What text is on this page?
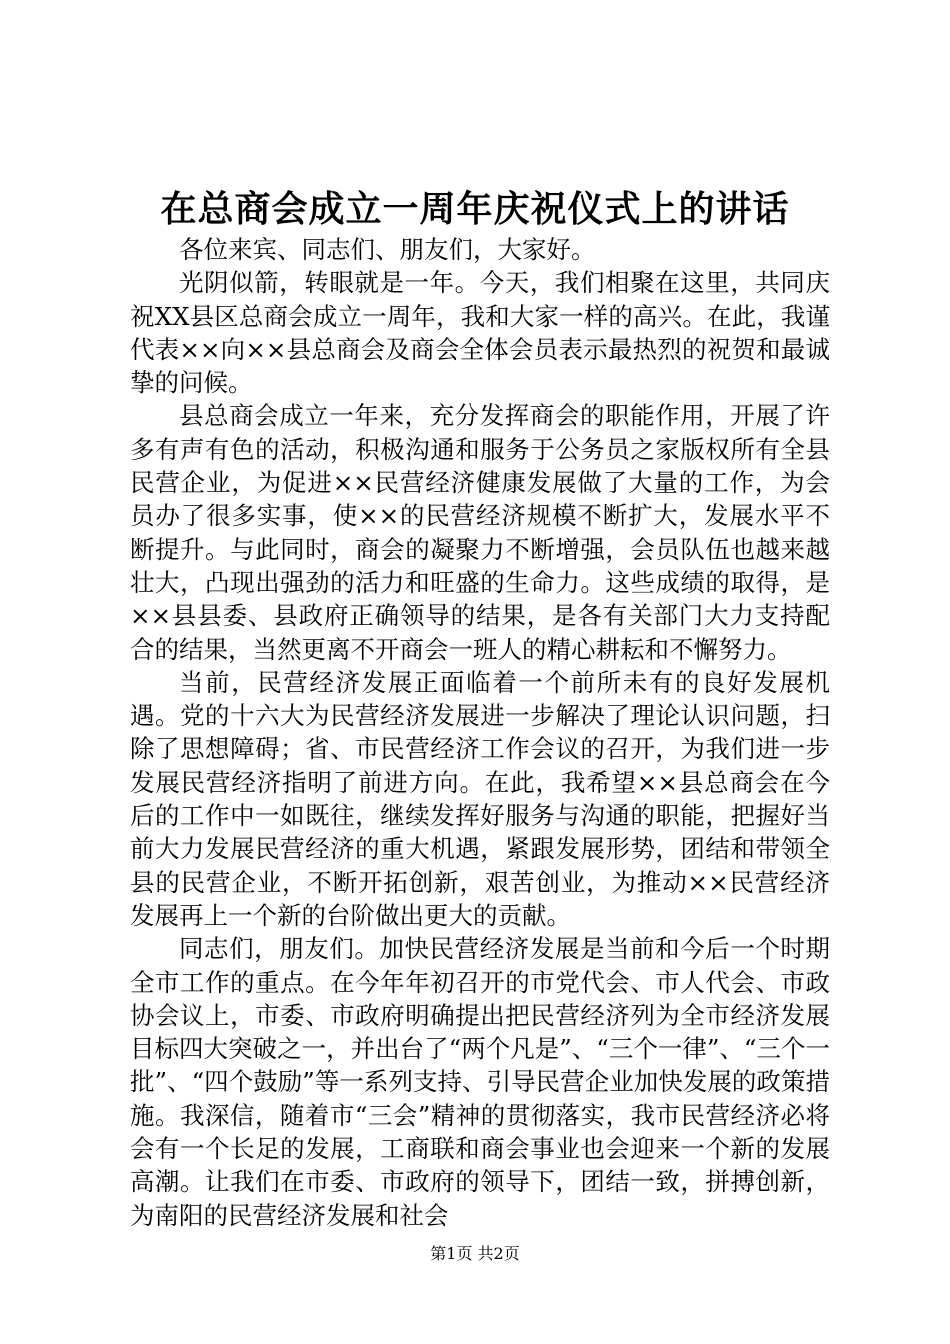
在总商会成立一周年庆祝仪式上的讲话

各位来宾、同志们、朋友们，大家好。

光阴似箭，转眼就是一年。今天，我们相聚在这里，共同庆祝XX县区总商会成立一周年，我和大家一样的高兴。在此，我谨代表××向××县总商会及商会全体会员表示最热烈的祝贺和最诚挚的问候。

县总商会成立一年来，充分发挥商会的职能作用，开展了许多有声有色的活动，积极沟通和服务于公务员之家版权所有全县民营企业，为促进××民营经济健康发展做了大量的工作，为会员办了很多实事，使××的民营经济规模不断扩大，发展水平不断提升。与此同时，商会的凝聚力不断增强，会员队伍也越来越壮大，凸现出强劲的活力和旺盛的生命力。这些成绩的取得，是××县县委、县政府正确领导的结果，是各有关部门大力支持配合的结果，当然更离不开商会一班人的精心耕耘和不懈努力。

当前，民营经济发展正面临着一个前所未有的良好发展机遇。党的十六大为民营经济发展进一步解决了理论认识问题，扫除了思想障碍；省、市民营经济工作会议的召开，为我们进一步发展民营经济指明了前进方向。在此，我希望××县总商会在今后的工作中一如既往，继续发挥好服务与沟通的职能，把握好当前大力发展民营经济的重大机遇，紧跟发展形势，团结和带领全县的民营企业，不断开拓创新，艰苦创业，为推动××民营经济发展再上一个新的台阶做出更大的贡献。

同志们，朋友们。加快民营经济发展是当前和今后一个时期全市工作的重点。在今年年初召开的市党代会、市人代会、市政协会议上，市委、市政府明确提出把民营经济列为全市经济发展目标四大突破之一，并出台了“两个凡是”、“三个一律”、“三个一批”、“四个鼓励”等一系列支持、引导民营企业加快发展的政策措施。我深信，随着市“三会”精神的贯彻落实，我市民营经济必将会有一个长足的发展，工商联和商会事业也会迎来一个新的发展高潮。让我们在市委、市政府的领导下，团结一致，拼搏创新，为南阳的民营经济发展和社会

第1页 共2页
